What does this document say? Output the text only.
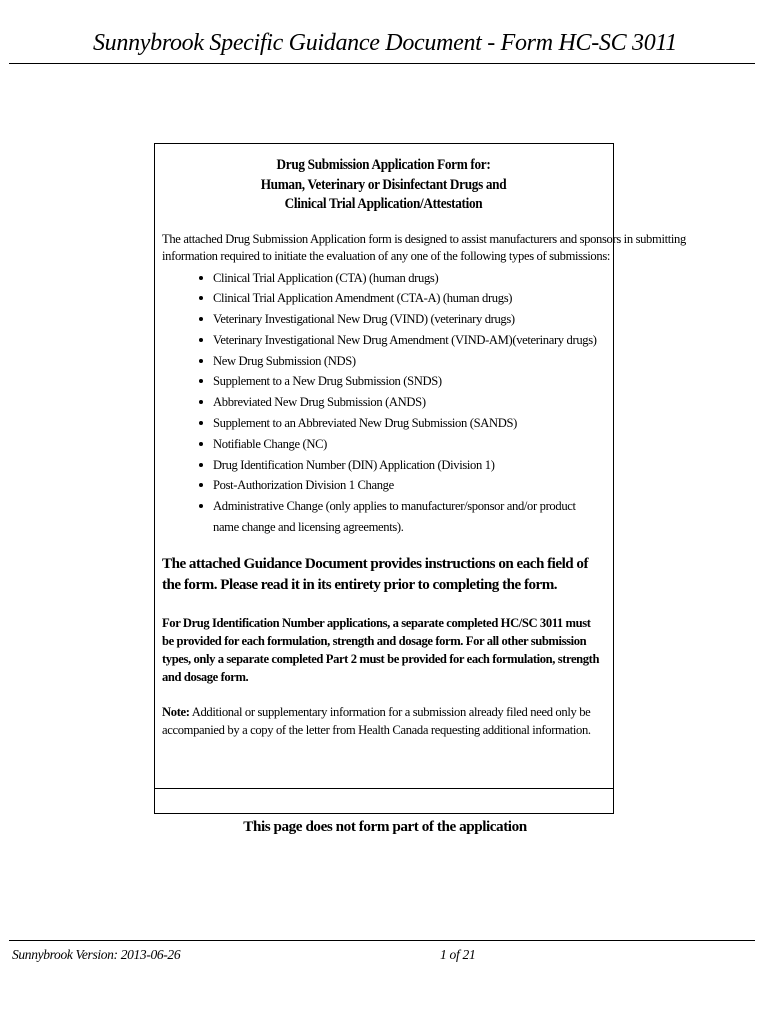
Sunnybrook Specific Guidance Document - Form HC-SC 3011
Drug Submission Application Form for:
Human, Veterinary or Disinfectant Drugs and
Clinical Trial Application/Attestation
The attached Drug Submission Application form is designed to assist manufacturers and sponsors in submitting
information required to initiate the evaluation of any one of the following types of submissions:
Clinical Trial Application (CTA) (human drugs)
Clinical Trial Application Amendment (CTA-A) (human drugs)
Veterinary Investigational New Drug (VIND) (veterinary drugs)
Veterinary Investigational New Drug Amendment (VIND-AM)(veterinary drugs)
New Drug Submission (NDS)
Supplement to a New Drug Submission (SNDS)
Abbreviated New Drug Submission (ANDS)
Supplement to an Abbreviated New Drug Submission (SANDS)
Notifiable Change (NC)
Drug Identification Number (DIN) Application (Division 1)
Post-Authorization Division 1 Change
Administrative Change (only applies to manufacturer/sponsor and/or product name change and licensing agreements).
The attached Guidance Document provides instructions on each field of the form. Please read it in its entirety prior to completing the form.
For Drug Identification Number applications, a separate completed HC/SC 3011 must be provided for each formulation, strength and dosage form. For all other submission types, only a separate completed Part 2 must be provided for each formulation, strength and dosage form.
Note: Additional or supplementary information for a submission already filed need only be accompanied by a copy of the letter from Health Canada requesting additional information.
This page does not form part of the application
Sunnybrook Version: 2013-06-26	1 of 21
